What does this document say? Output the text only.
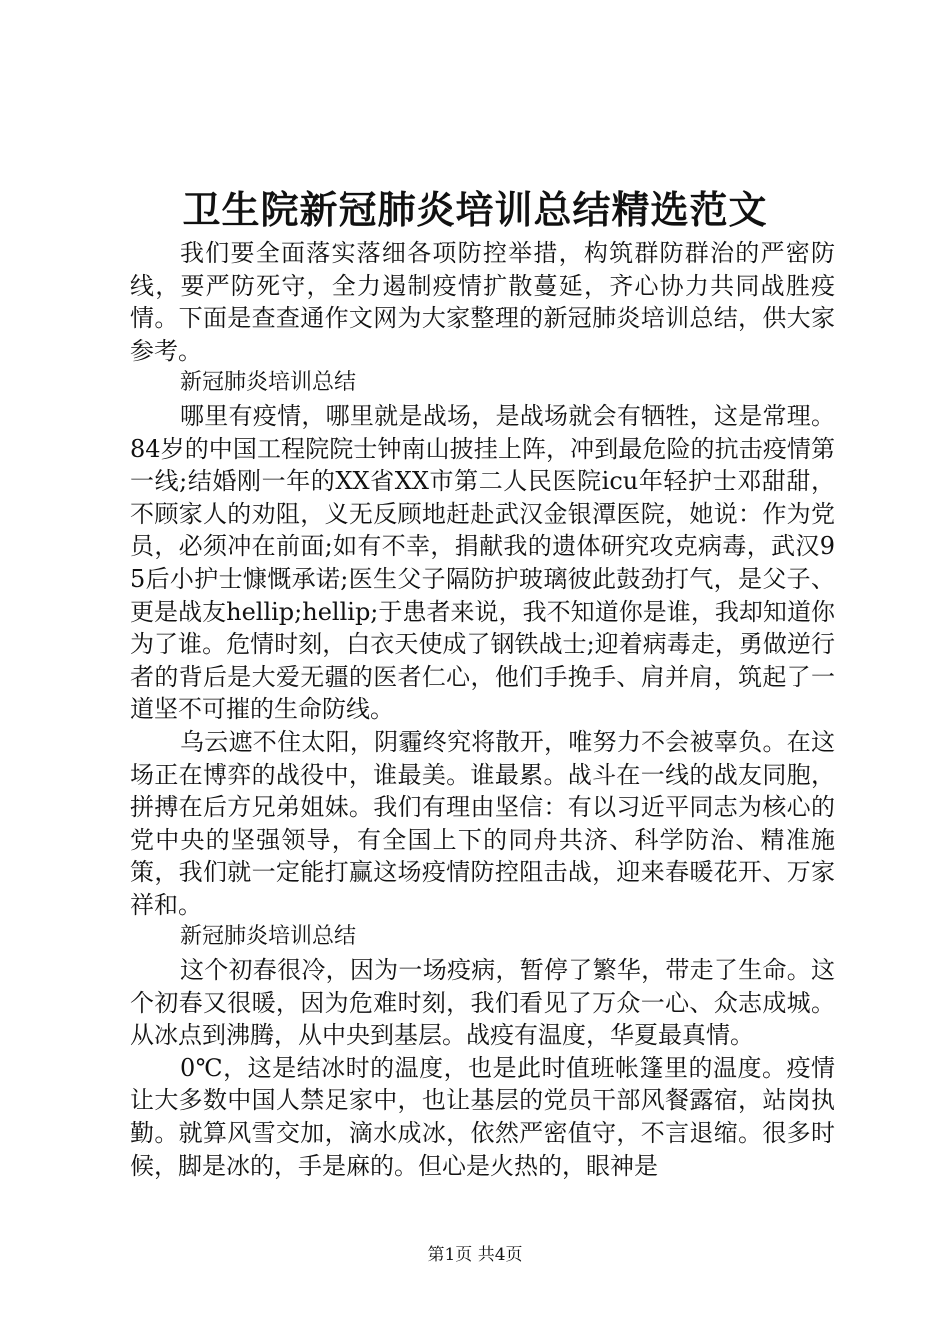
卫生院新冠肺炎培训总结精选范文

我们要全面落实落细各项防控举措，构筑群防群治的严密防线，要严防死守，全力遏制疫情扩散蔓延，齐心协力共同战胜疫情。下面是查查通作文网为大家整理的新冠肺炎培训总结，供大家参考。

新冠肺炎培训总结

哪里有疫情，哪里就是战场，是战场就会有牺牲，这是常理。84岁的中国工程院院士钟南山披挂上阵，冲到最危险的抗击疫情第一线;结婚刚一年的XX省XX市第二人民医院icu年轻护士邓甜甜，不顾家人的劝阻，义无反顾地赶赴武汉金银潭医院，她说：作为党员，必须冲在前面;如有不幸，捐献我的遗体研究攻克病毒，武汉95后小护士慷慨承诺;医生父子隔防护玻璃彼此鼓劲打气，是父子、更是战友hellip;hellip;于患者来说，我不知道你是谁，我却知道你为了谁。危情时刻，白衣天使成了钢铁战士;迎着病毒走，勇做逆行者的背后是大爱无疆的医者仁心，他们手挽手、肩并肩，筑起了一道坚不可摧的生命防线。

乌云遮不住太阳，阴霾终究将散开，唯努力不会被辜负。在这场正在博弈的战役中，谁最美。谁最累。战斗在一线的战友同胞，拼搏在后方兄弟姐妹。我们有理由坚信：有以习近平同志为核心的党中央的坚强领导，有全国上下的同舟共济、科学防治、精准施策，我们就一定能打赢这场疫情防控阻击战，迎来春暖花开、万家祥和。

新冠肺炎培训总结

这个初春很冷，因为一场疫病，暂停了繁华，带走了生命。这个初春又很暖，因为危难时刻，我们看见了万众一心、众志成城。从冰点到沸腾，从中央到基层。战疫有温度，华夏最真情。

0℃，这是结冰时的温度，也是此时值班帐篷里的温度。疫情让大多数中国人禁足家中，也让基层的党员干部风餐露宿，站岗执勤。就算风雪交加，滴水成冰，依然严密值守，不言退缩。很多时候，脚是冰的，手是麻的。但心是火热的，眼神是

第1页 共4页
